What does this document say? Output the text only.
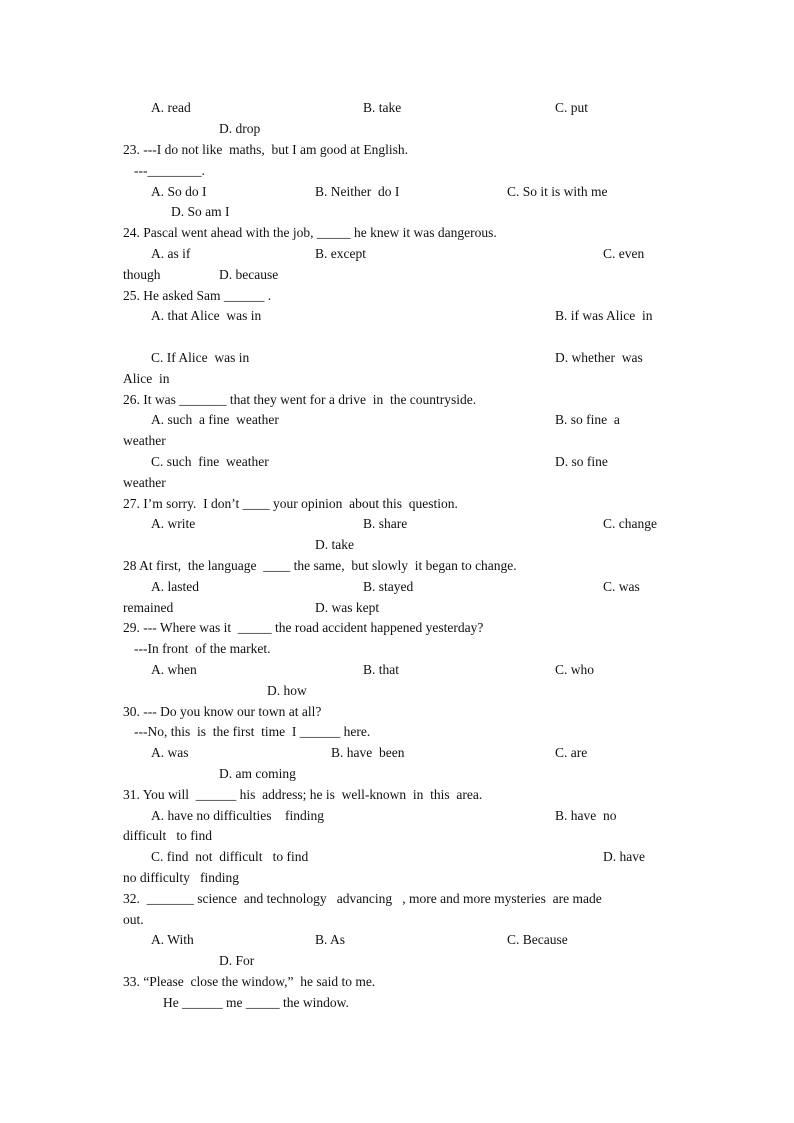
A. read	B. take	C. put
D. drop
23. ---I do not like  maths,  but I am good at English.
---________.
A. So do I	B. Neither  do I	C. So it is with me
D. So am I
24. Pascal went ahead with the job, _____ he knew it was dangerous.
A. as if	B. except	C. even
though	D. because
25. He asked Sam ______ .
A. that Alice  was in	B. if was Alice  in
C. If Alice  was in	D. whether  was
Alice  in
26. It was _______ that they went for a drive  in  the countryside.
A. such  a fine  weather	B. so fine  a
weather
C. such  fine  weather	D. so fine
weather
27. I’m sorry.  I don’t ____ your opinion  about this  question.
A. write	B. share	C. change
D. take
28 At first,  the language  ____ the same,  but slowly  it began to change.
A. lasted	B. stayed	C. was
remained	D. was kept
29. --- Where was it  _____ the road accident happened yesterday?
---In front  of the market.
A. when	B. that	C. who
D. how
30. --- Do you know our town at all?
---No, this  is  the first  time  I ______ here.
A. was	B. have  been	C. are
D. am coming
31. You will  ______ his  address; he is  well-known  in  this  area.
A. have no difficulties    finding	B. have  no
difficult   to find
C. find  not  difficult   to find	D. have
no difficulty   finding
32.  _______ science  and technology   advancing   , more and more mysteries  are made
out.
A. With	B. As	C. Because
D. For
33. “Please  close the window,”  he said to me.
He ______ me _____ the window.
